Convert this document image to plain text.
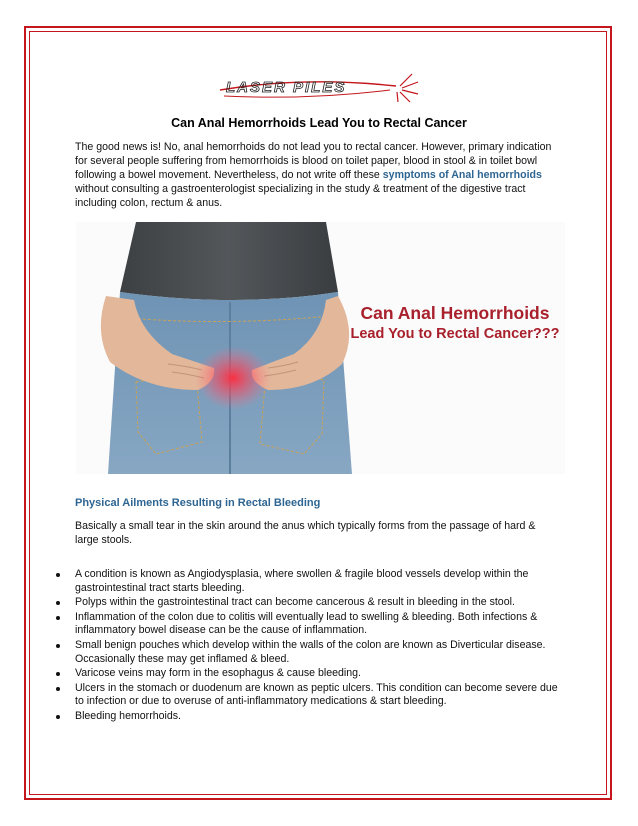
LASER PILES
Can Anal Hemorrhoids Lead You to Rectal Cancer
The good news is! No, anal hemorrhoids do not lead you to rectal cancer. However, primary indication for several people suffering from hemorrhoids is blood on toilet paper, blood in stool & in toilet bowl following a bowel movement. Nevertheless, do not write off these symptoms of Anal hemorrhoids without consulting a gastroenterologist specializing in the study & treatment of the digestive tract including colon, rectum & anus.
Can Anal Hemorrhoids
Lead You to Rectal Cancer???
Physical Ailments Resulting in Rectal Bleeding
Basically a small tear in the skin around the anus which typically forms from the passage of hard & large stools.
A condition is known as Angiodysplasia, where swollen & fragile blood vessels develop within the gastrointestinal tract starts bleeding.
Polyps within the gastrointestinal tract can become cancerous & result in bleeding in the stool.
Inflammation of the colon due to colitis will eventually lead to swelling & bleeding. Both infections & inflammatory bowel disease can be the cause of inflammation.
Small benign pouches which develop within the walls of the colon are known as Diverticular disease. Occasionally these may get inflamed & bleed.
Varicose veins may form in the esophagus & cause bleeding.
Ulcers in the stomach or duodenum are known as peptic ulcers. This condition can become severe due to infection or due to overuse of anti-inflammatory medications & start bleeding.
Bleeding hemorrhoids.
